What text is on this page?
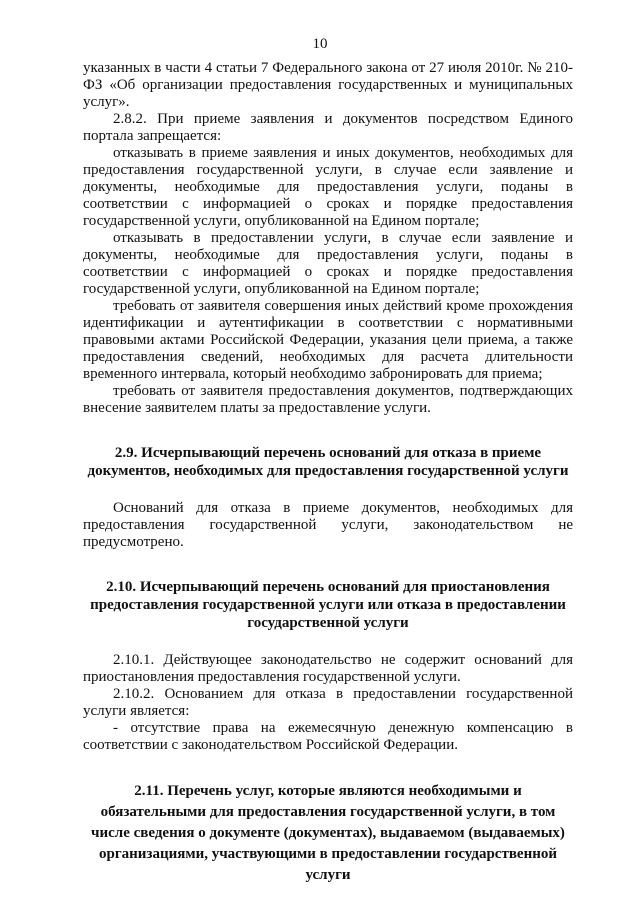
10

указанных в части 4 статьи 7 Федерального закона от 27 июля 2010г. № 210-ФЗ «Об организации предоставления государственных и муниципальных услуг».

2.8.2. При приеме заявления и документов посредством Единого портала запрещается:

отказывать в приеме заявления и иных документов, необходимых для предоставления государственной услуги, в случае если заявление и документы, необходимые для предоставления услуги, поданы в соответствии с информацией о сроках и порядке предоставления государственной услуги, опубликованной на Едином портале;

отказывать в предоставлении услуги, в случае если заявление и документы, необходимые для предоставления услуги, поданы в соответствии с информацией о сроках и порядке предоставления государственной услуги, опубликованной на Едином портале;

требовать от заявителя совершения иных действий кроме прохождения идентификации и аутентификации в соответствии с нормативными правовыми актами Российской Федерации, указания цели приема, а также предоставления сведений, необходимых для расчета длительности временного интервала, который необходимо забронировать для приема;

требовать от заявителя предоставления документов, подтверждающих внесение заявителем платы за предоставление услуги.

2.9. Исчерпывающий перечень оснований для отказа в приеме документов, необходимых для предоставления государственной услуги

Оснований для отказа в приеме документов, необходимых для предоставления государственной услуги, законодательством не предусмотрено.

2.10. Исчерпывающий перечень оснований для приостановления предоставления государственной услуги или отказа в предоставлении государственной услуги

2.10.1. Действующее законодательство не содержит оснований для приостановления предоставления государственной услуги.

2.10.2. Основанием для отказа в предоставлении государственной услуги является:

- отсутствие права на ежемесячную денежную компенсацию в соответствии с законодательством Российской Федерации.

2.11. Перечень услуг, которые являются необходимыми и обязательными для предоставления государственной услуги, в том числе сведения о документе (документах), выдаваемом (выдаваемых) организациями, участвующими в предоставлении государственной услуги
